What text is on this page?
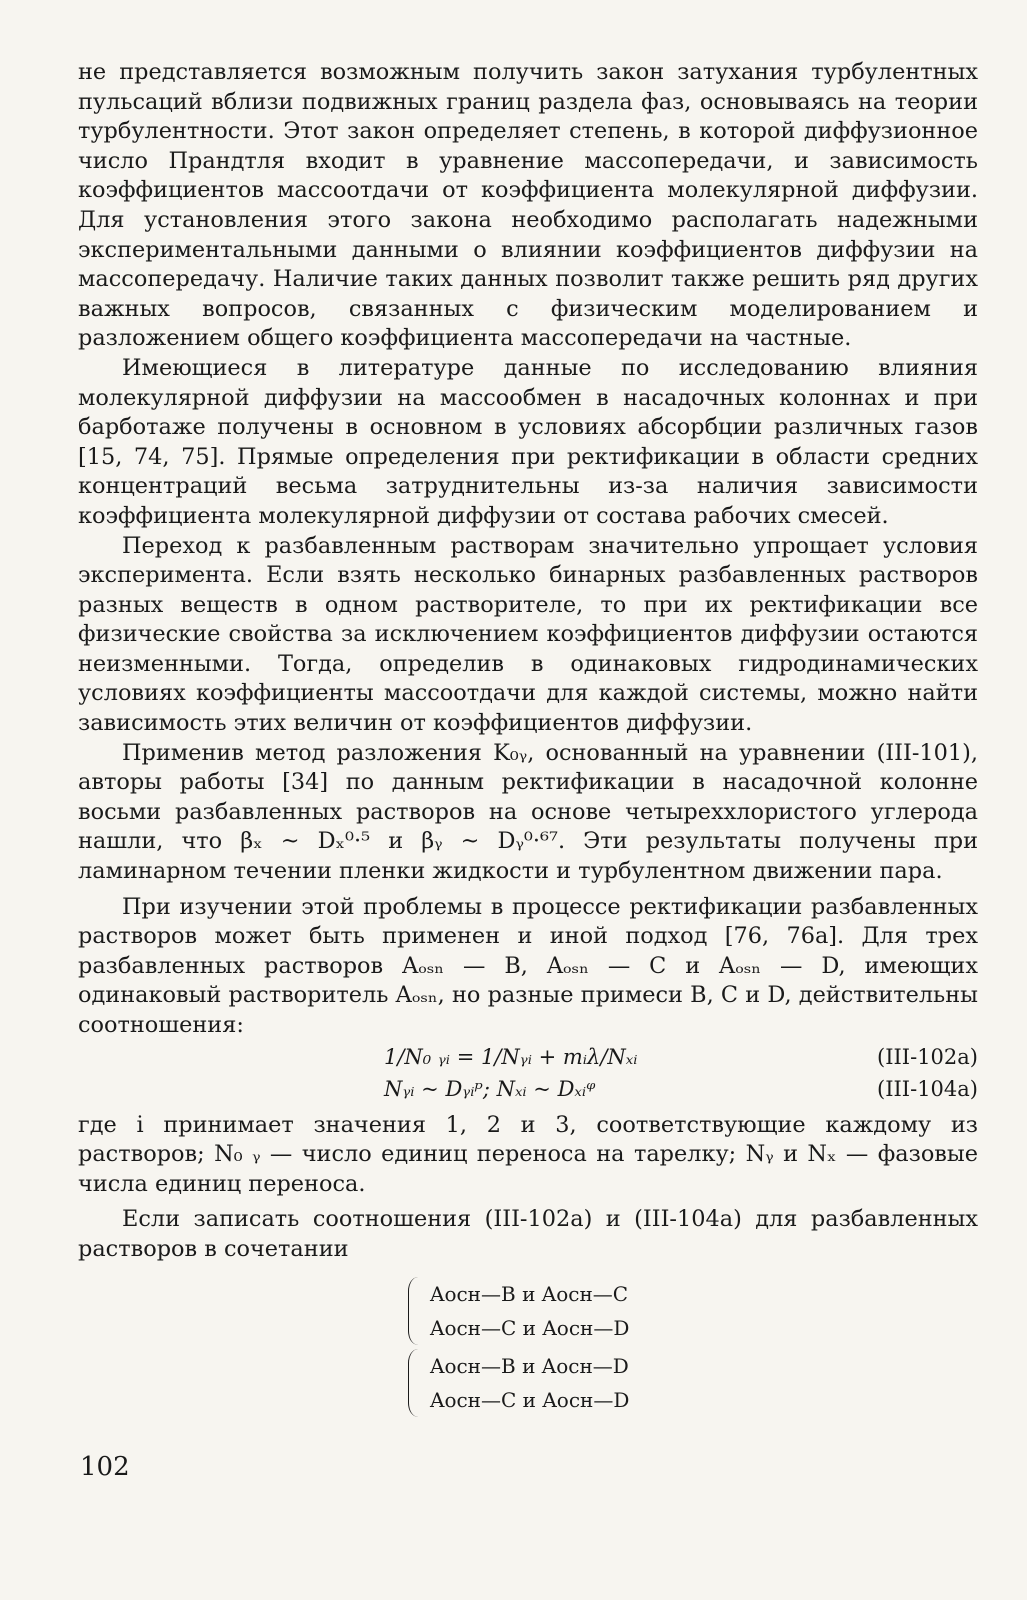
не представляется возможным получить закон затухания турбулентных пульсаций вблизи подвижных границ раздела фаз, основываясь на теории турбулентности. Этот закон определяет степень, в которой диффузионное число Прандтля входит в уравнение массопередачи, и зависимость коэффициентов массоотдачи от коэффициента молекулярной диффузии. Для установления этого закона необходимо располагать надежными экспериментальными данными о влиянии коэффициентов диффузии на массопередачу. Наличие таких данных позволит также решить ряд других важных вопросов, связанных с физическим моделированием и разложением общего коэффициента массопередачи на частные.

Имеющиеся в литературе данные по исследованию влияния молекулярной диффузии на массообмен в насадочных колоннах и при барботаже получены в основном в условиях абсорбции различных газов [15, 74, 75]. Прямые определения при ректификации в области средних концентраций весьма затруднительны из-за наличия зависимости коэффициента молекулярной диффузии от состава рабочих смесей.

Переход к разбавленным растворам значительно упрощает условия эксперимента. Если взять несколько бинарных разбавленных растворов разных веществ в одном растворителе, то при их ректификации все физические свойства за исключением коэффициентов диффузии остаются неизменными. Тогда, определив в одинаковых гидродинамических условиях коэффициенты массоотдачи для каждой системы, можно найти зависимость этих величин от коэффициентов диффузии.

Применив метод разложения K₀ᵧ, основанный на уравнении (III-101), авторы работы [34] по данным ректификации в насадочной колонне восьми разбавленных растворов на основе четыреххлористого углерода нашли, что βₓ ~ Dₓ⁰·⁵ и βᵧ ~ Dᵧ⁰·⁶⁷. Эти результаты получены при ламинарном течении пленки жидкости и турбулентном движении пара.

При изучении этой проблемы в процессе ректификации разбавленных растворов может быть применен и иной подход [76, 76а]. Для трех разбавленных растворов Aₒₛₙ — B, Aₒₛₙ — C и Aₒₛₙ — D, имеющих одинаковый растворитель Aₒₛₙ, но разные примеси B, C и D, действительны соотношения:

1/N₀ ᵧᵢ = 1/Nᵧᵢ + mᵢλ/Nₓᵢ	(III-102a)
Nᵧᵢ ~ Dᵧᵢᵖ; Nₓᵢ ~ Dₓᵢᵠ	(III-104a)

где i принимает значения 1, 2 и 3, соответствующие каждому из растворов; N₀ ᵧ — число единиц переноса на тарелку; Nᵧ и Nₓ — фазовые числа единиц переноса.

Если записать соотношения (III-102a) и (III-104a) для разбавленных растворов в сочетании

Aосн—B и Aосн—C
Aосн—C и Aосн—D
Aосн—B и Aосн—D
Aосн—C и Aосн—D
102
